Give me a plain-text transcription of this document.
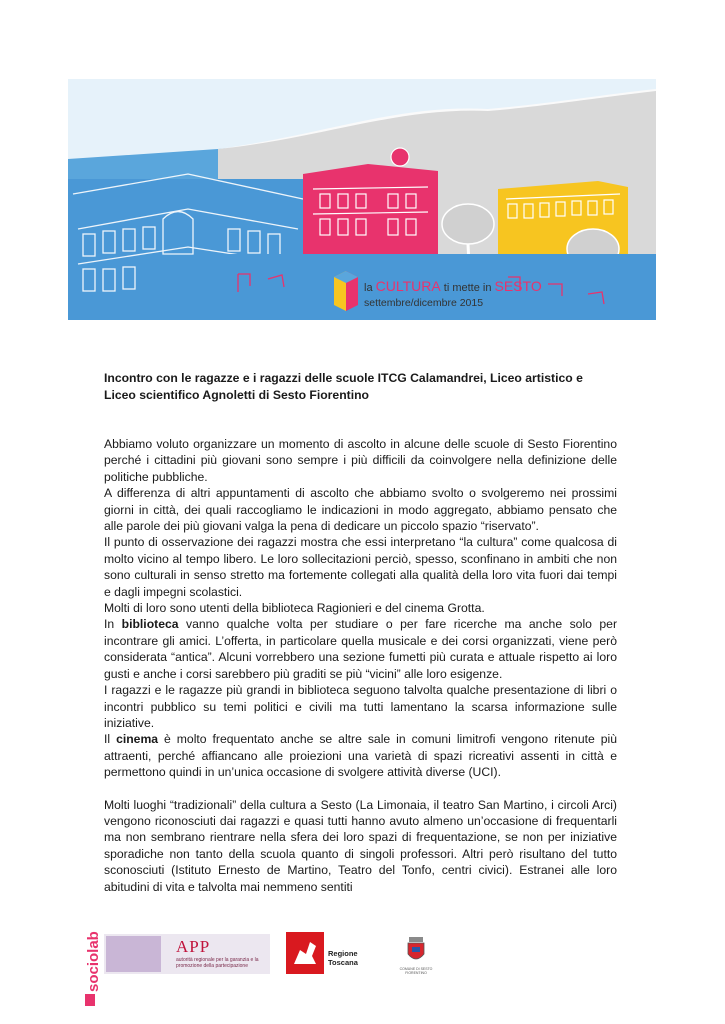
la CULTURA ti mette in SESTO
settembre/dicembre 2015
Incontro con le ragazze e i ragazzi delle scuole ITCG Calamandrei, Liceo artistico e Liceo scientifico Agnoletti di Sesto Fiorentino

Abbiamo voluto organizzare un momento di ascolto in alcune delle scuole di Sesto Fiorentino perché i cittadini più giovani sono sempre i più difficili da coinvolgere nella definizione delle politiche pubbliche.

A differenza di altri appuntamenti di ascolto che abbiamo svolto o svolgeremo nei prossimi giorni in città, dei quali raccogliamo le indicazioni in modo aggregato, abbiamo pensato che alle parole dei più giovani valga la pena di dedicare un piccolo spazio “riservato”.

Il punto di osservazione dei ragazzi mostra che essi interpretano “la cultura” come qualcosa di molto vicino al tempo libero. Le loro sollecitazioni perciò, spesso, sconfinano in ambiti che non sono culturali in senso stretto ma fortemente collegati alla qualità della loro vita fuori dai tempi e dagli impegni scolastici.

Molti di loro sono utenti della biblioteca Ragionieri e del cinema Grotta.

In biblioteca vanno qualche volta per studiare o per fare ricerche ma anche solo per incontrare gli amici. L’offerta, in particolare quella musicale e dei corsi organizzati, viene però considerata “antica”. Alcuni vorrebbero una sezione fumetti più curata e attuale rispetto ai loro gusti e anche i corsi sarebbero più graditi se più “vicini” alle loro esigenze.

I ragazzi e le ragazze più grandi in biblioteca seguono talvolta qualche presentazione di libri o incontri pubblico su temi politici e civili ma tutti lamentano la scarsa informazione sulle iniziative.

Il cinema è molto frequentato anche se altre sale in comuni limitrofi vengono ritenute più attraenti, perché affiancano alle proiezioni una varietà di spazi ricreativi assenti in città e permettono quindi in un’unica occasione di svolgere attività diverse (UCI).

Molti luoghi “tradizionali” della cultura a Sesto (La Limonaia, il teatro San Martino, i circoli Arci) vengono riconosciuti dai ragazzi e quasi tutti hanno avuto almeno un’occasione di frequentarli ma non sembrano rientrare nella sfera dei loro spazi di frequentazione, se non per iniziative sporadiche non tanto della scuola quanto di singoli professori. Altri però risultano del tutto sconosciuti (Istituto Ernesto de Martino, Teatro del Tonfo, centri civici). Estranei alle loro abitudini di vita e talvolta mai nemmeno sentiti

sociolab	APP
autorità regionale per la garanzia e la promozione della partecipazione
Regione Toscana
COMUNE DI SESTO FIORENTINO
